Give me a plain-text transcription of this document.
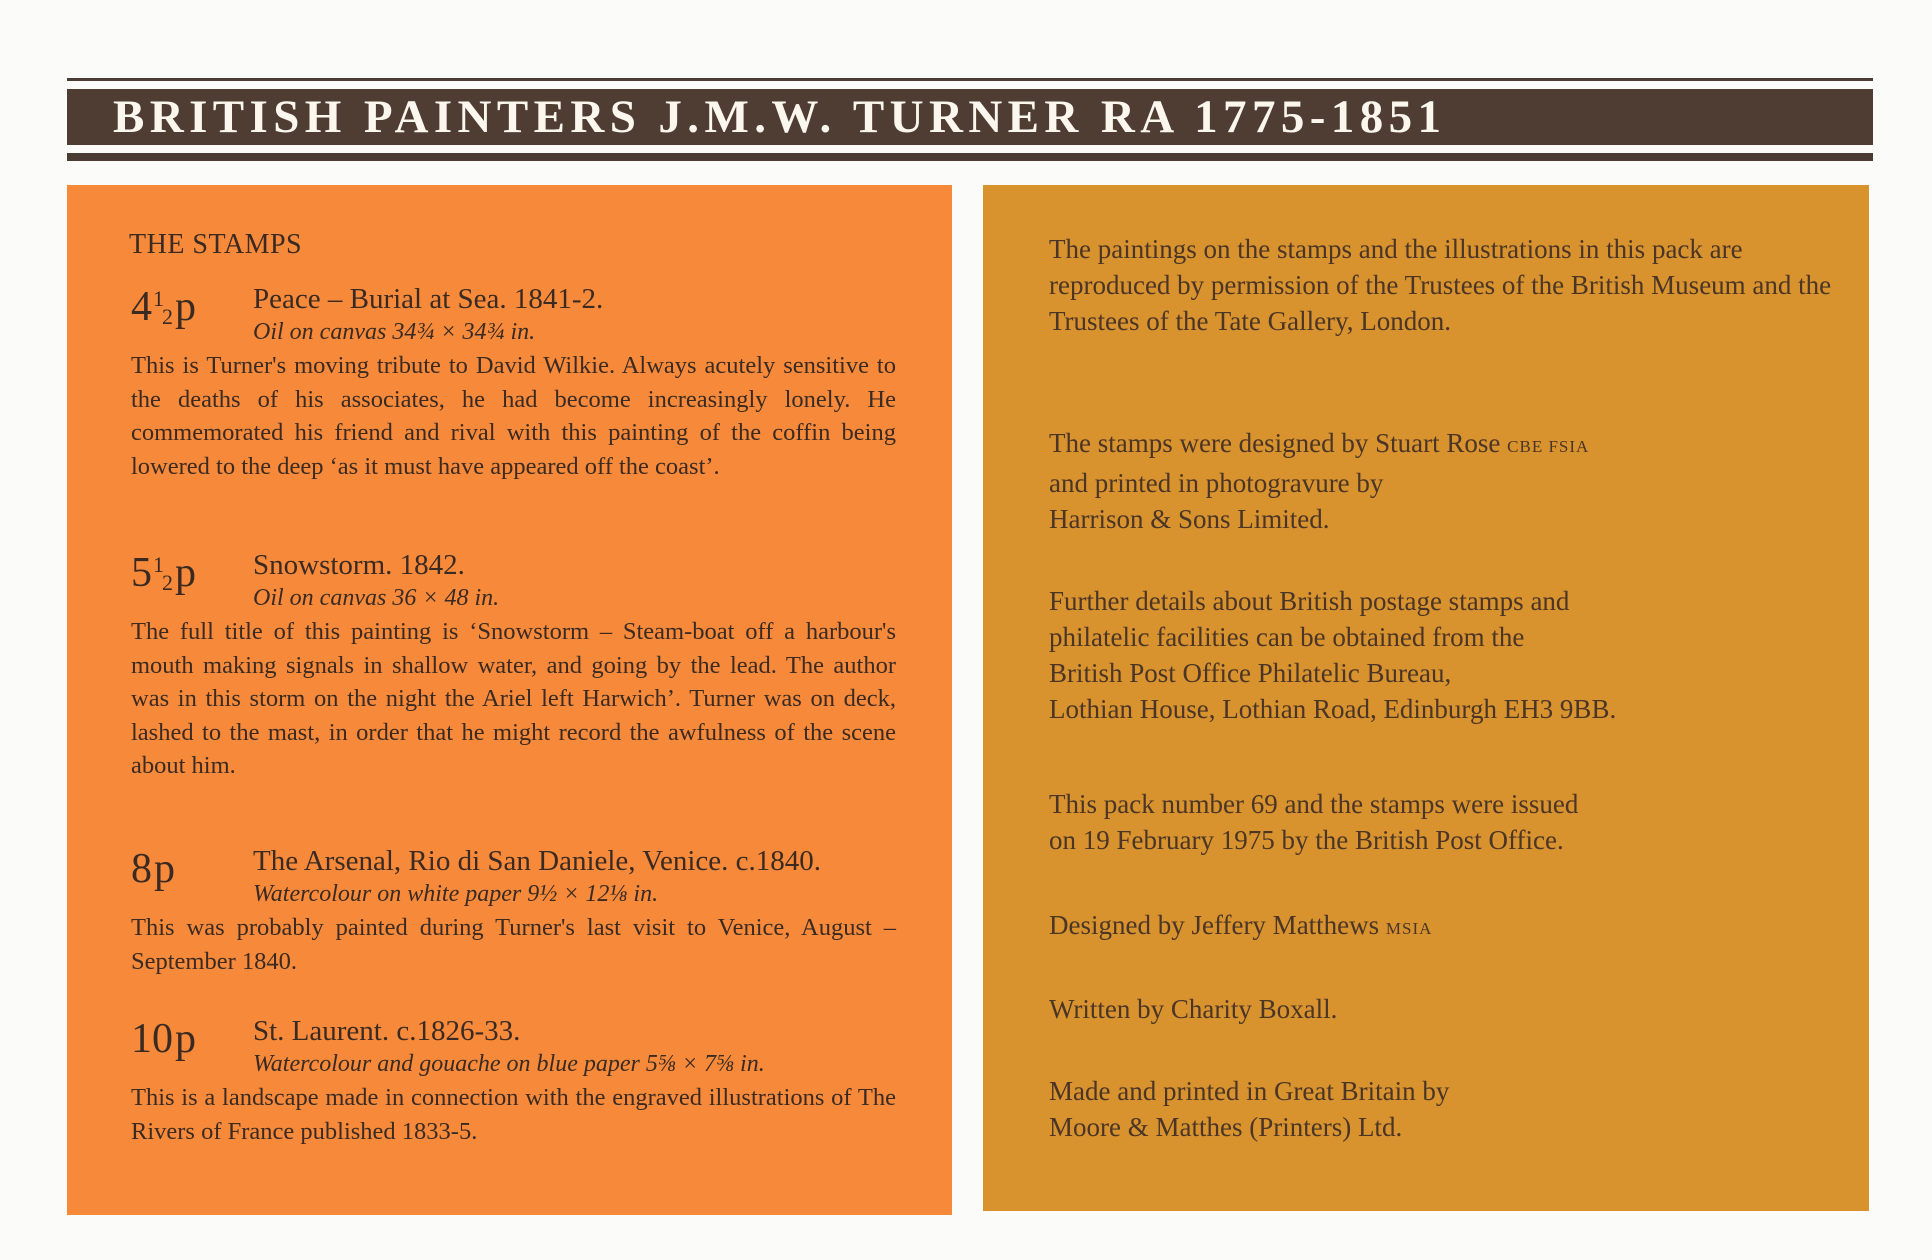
BRITISH PAINTERS J.M.W. TURNER RA 1775-1851
THE STAMPS
412p Peace – Burial at Sea. 1841-2.
Oil on canvas 34¾ × 34¾ in.

This is Turner's moving tribute to David Wilkie. Always acutely sensitive to the deaths of his associates, he had become increasingly lonely. He commemorated his friend and rival with this painting of the coffin being lowered to the deep ‘as it must have appeared off the coast’.

512p Snowstorm. 1842.
Oil on canvas 36 × 48 in.

The full title of this painting is ‘Snowstorm – Steam-boat off a harbour's mouth making signals in shallow water, and going by the lead. The author was in this storm on the night the Ariel left Harwich’. Turner was on deck, lashed to the mast, in order that he might record the awfulness of the scene about him.

8p	The Arsenal, Rio di San Daniele, Venice. c.1840.
Watercolour on white paper 9½ × 12⅛ in.

This was probably painted during Turner's last visit to Venice, August – September 1840.

10p St. Laurent. c.1826-33.
Watercolour and gouache on blue paper 5⅝ × 7⅝ in.

This is a landscape made in connection with the engraved illustrations of The Rivers of France published 1833-5.

The paintings on the stamps and the illustrations in this pack are reproduced by permission of the Trustees of the British Museum and the Trustees of the Tate Gallery, London.

The stamps were designed by Stuart Rose CBE FSIA
and printed in photogravure by
Harrison & Sons Limited.
Further details about British postage stamps and
philatelic facilities can be obtained from the
British Post Office Philatelic Bureau,
Lothian House, Lothian Road, Edinburgh EH3 9BB.
This pack number 69 and the stamps were issued
on 19 February 1975 by the British Post Office.
Designed by Jeffery Matthews MSIA
Written by Charity Boxall.
Made and printed in Great Britain by
Moore & Matthes (Printers) Ltd.
